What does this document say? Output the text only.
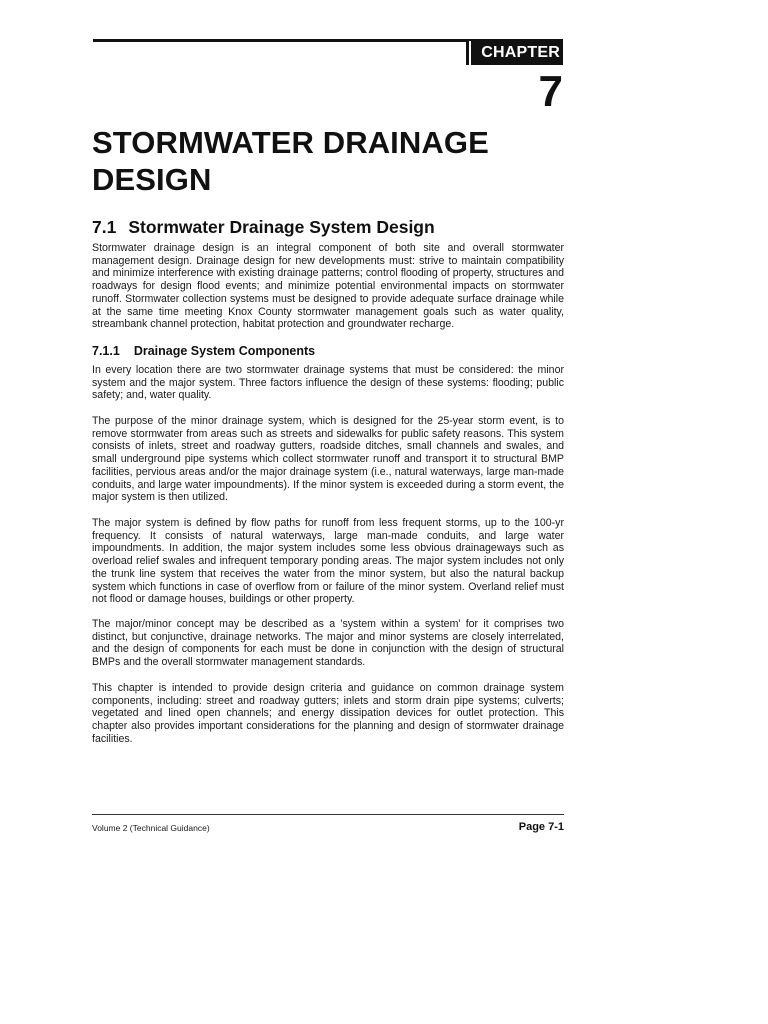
CHAPTER
7
STORMWATER DRAINAGE DESIGN
7.1 Stormwater Drainage System Design

Stormwater drainage design is an integral component of both site and overall stormwater management design. Drainage design for new developments must: strive to maintain compatibility and minimize interference with existing drainage patterns; control flooding of property, structures and roadways for design flood events; and minimize potential environmental impacts on stormwater runoff. Stormwater collection systems must be designed to provide adequate surface drainage while at the same time meeting Knox County stormwater management goals such as water quality, streambank channel protection, habitat protection and groundwater recharge.

7.1.1 Drainage System Components

In every location there are two stormwater drainage systems that must be considered: the minor system and the major system. Three factors influence the design of these systems: flooding; public safety; and, water quality.

The purpose of the minor drainage system, which is designed for the 25-year storm event, is to remove stormwater from areas such as streets and sidewalks for public safety reasons. This system consists of inlets, street and roadway gutters, roadside ditches, small channels and swales, and small underground pipe systems which collect stormwater runoff and transport it to structural BMP facilities, pervious areas and/or the major drainage system (i.e., natural waterways, large man-made conduits, and large water impoundments). If the minor system is exceeded during a storm event, the major system is then utilized.

The major system is defined by flow paths for runoff from less frequent storms, up to the 100-yr frequency. It consists of natural waterways, large man-made conduits, and large water impoundments. In addition, the major system includes some less obvious drainageways such as overload relief swales and infrequent temporary ponding areas. The major system includes not only the trunk line system that receives the water from the minor system, but also the natural backup system which functions in case of overflow from or failure of the minor system. Overland relief must not flood or damage houses, buildings or other property.

The major/minor concept may be described as a 'system within a system' for it comprises two distinct, but conjunctive, drainage networks. The major and minor systems are closely interrelated, and the design of components for each must be done in conjunction with the design of structural BMPs and the overall stormwater management standards.

This chapter is intended to provide design criteria and guidance on common drainage system components, including: street and roadway gutters; inlets and storm drain pipe systems; culverts; vegetated and lined open channels; and energy dissipation devices for outlet protection. This chapter also provides important considerations for the planning and design of stormwater drainage facilities.

Volume 2 (Technical Guidance)	Page 7-1
